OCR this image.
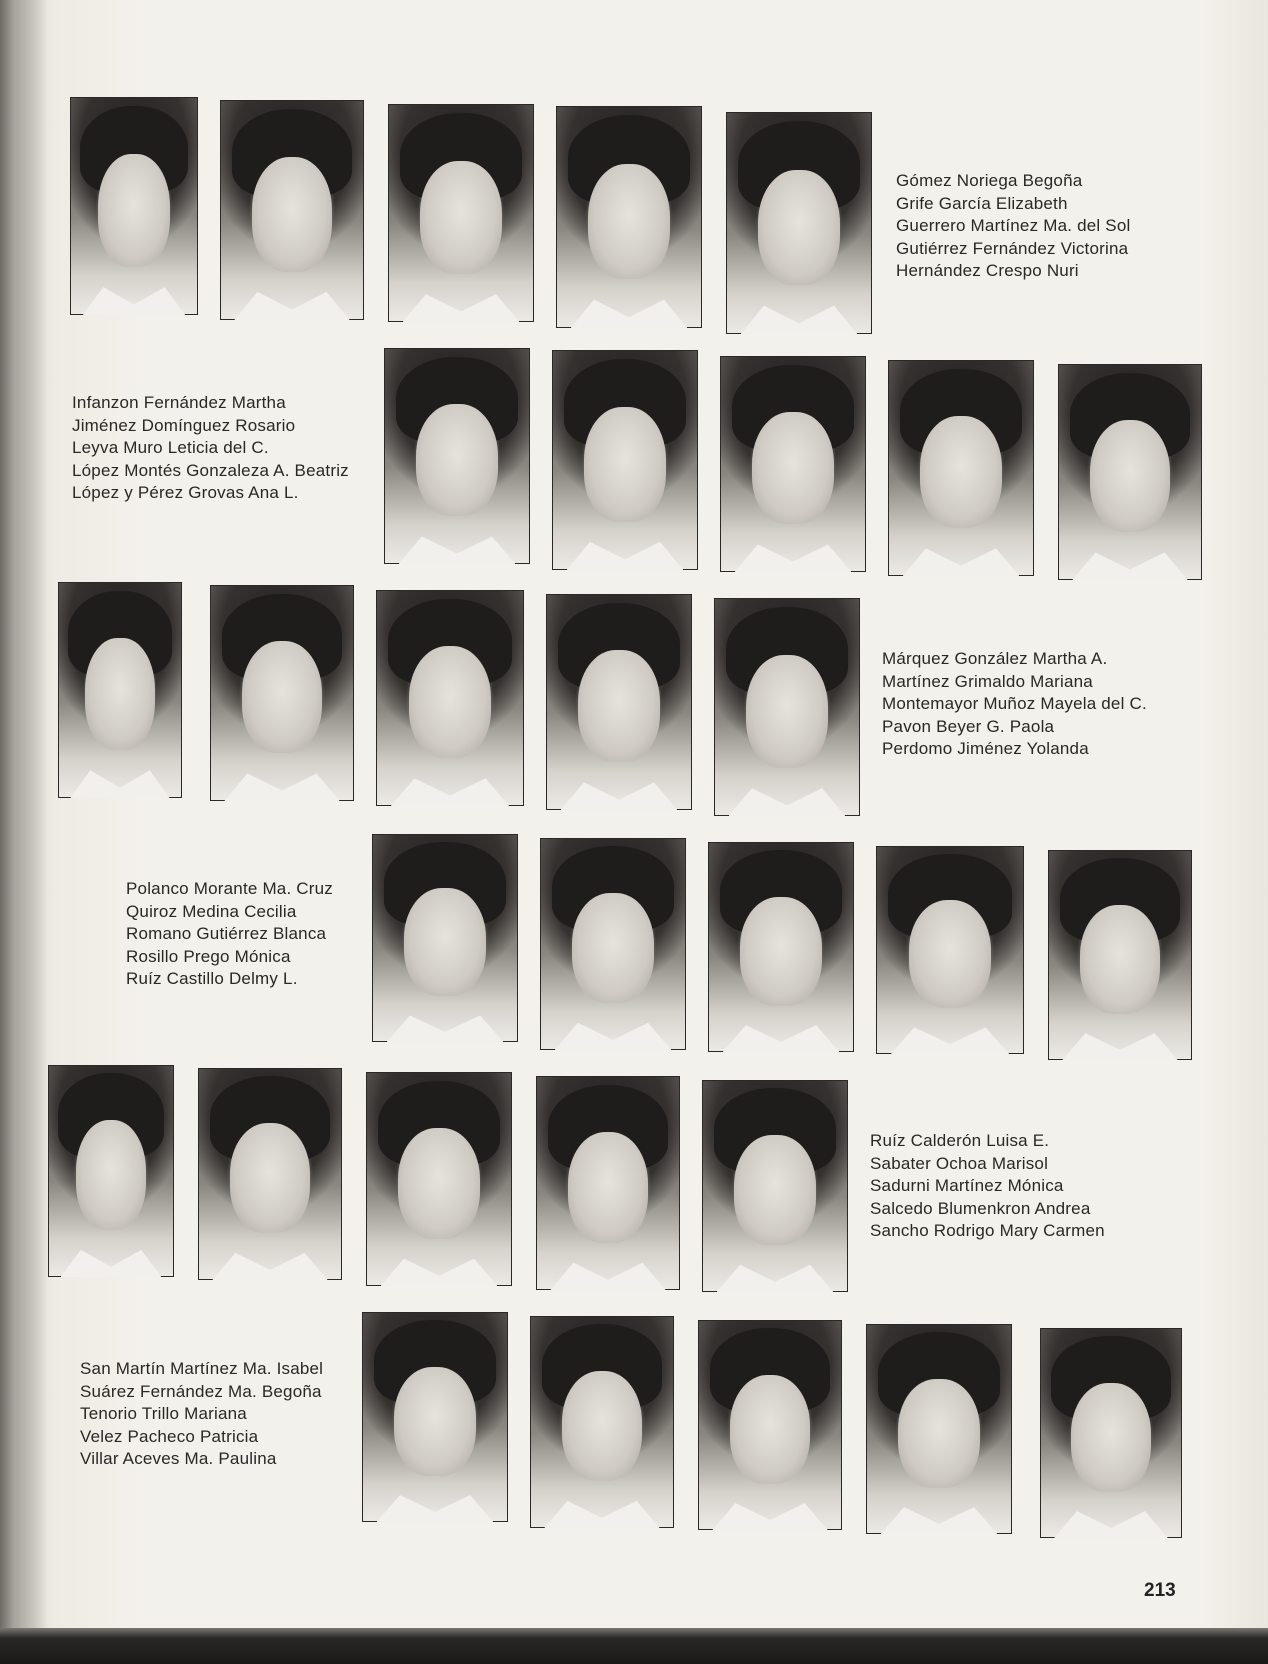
Gómez Noriega Begoña
Grife García Elizabeth
Guerrero Martínez Ma. del Sol
Gutiérrez Fernández Victorina
Hernández Crespo Nuri
Infanzon Fernández Martha
Jiménez Domínguez Rosario
Leyva Muro Leticia del C.
López Montés Gonzaleza A. Beatriz
López y Pérez Grovas Ana L.
Márquez González Martha A.
Martínez Grimaldo Mariana
Montemayor Muñoz Mayela del C.
Pavon Beyer G. Paola
Perdomo Jiménez Yolanda
Polanco Morante Ma. Cruz
Quiroz Medina Cecilia
Romano Gutiérrez Blanca
Rosillo Prego Mónica
Ruíz Castillo Delmy L.
Ruíz Calderón Luisa E.
Sabater Ochoa Marisol
Sadurni Martínez Mónica
Salcedo Blumenkron Andrea
Sancho Rodrigo Mary Carmen
San Martín Martínez Ma. Isabel
Suárez Fernández Ma. Begoña
Tenorio Trillo Mariana
Velez Pacheco Patricia
Villar Aceves Ma. Paulina
213
